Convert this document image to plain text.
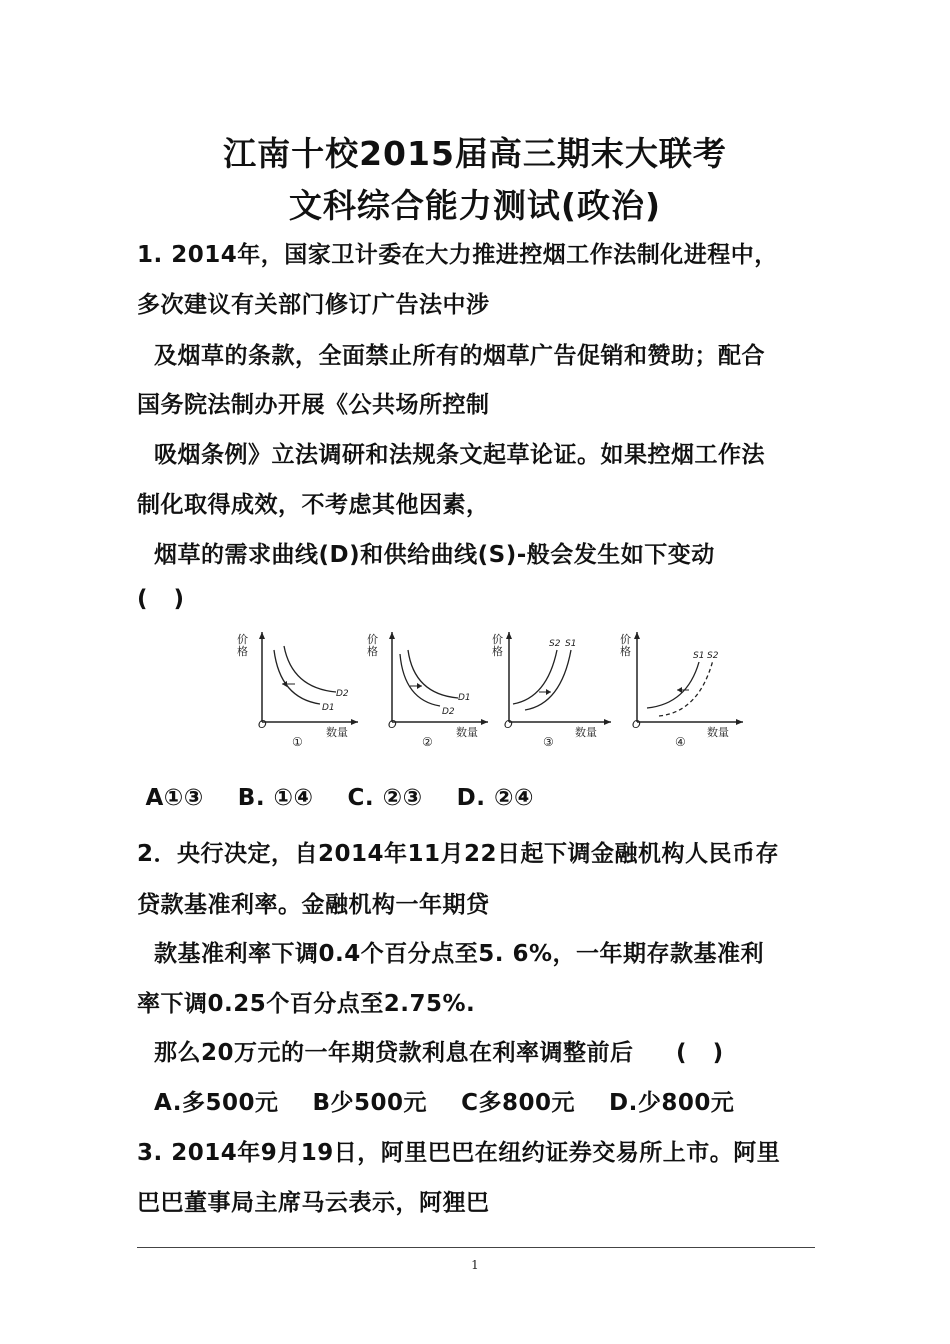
江南十校2015届高三期末大联考
文科综合能力测试(政治)
1. 2014年，国家卫计委在大力推进控烟工作法制化进程中，
多次建议有关部门修订广告法中涉
及烟草的条款，全面禁止所有的烟草广告促销和赞助；配合
国务院法制办开展《公共场所控制
吸烟条例》立法调研和法规条文起草论证。如果控烟工作法
制化取得成效，不考虑其他因素，
烟草的需求曲线(D)和供给曲线(S)-般会发生如下变动
(   )
O
数量
①
D2
D1
O
数量
②
D1
D2
O
数量
③
S2 S1
O
数量
④
S1 S2
价格
价格
价格
价格
A①③    B. ①④    C. ②③    D. ②④
2．央行决定，自2014年11月22日起下调金融机构人民币存
贷款基准利率。金融机构一年期贷
款基准利率下调0.4个百分点至5. 6%，一年期存款基准利
率下调0.25个百分点至2.75%.
那么20万元的一年期贷款利息在利率调整前后     (   )
A.多500元    B少500元    C多800元    D.少800元
3. 2014年9月19日，阿里巴巴在纽约证券交易所上市。阿里
巴巴董事局主席马云表示，阿狸巴
1
